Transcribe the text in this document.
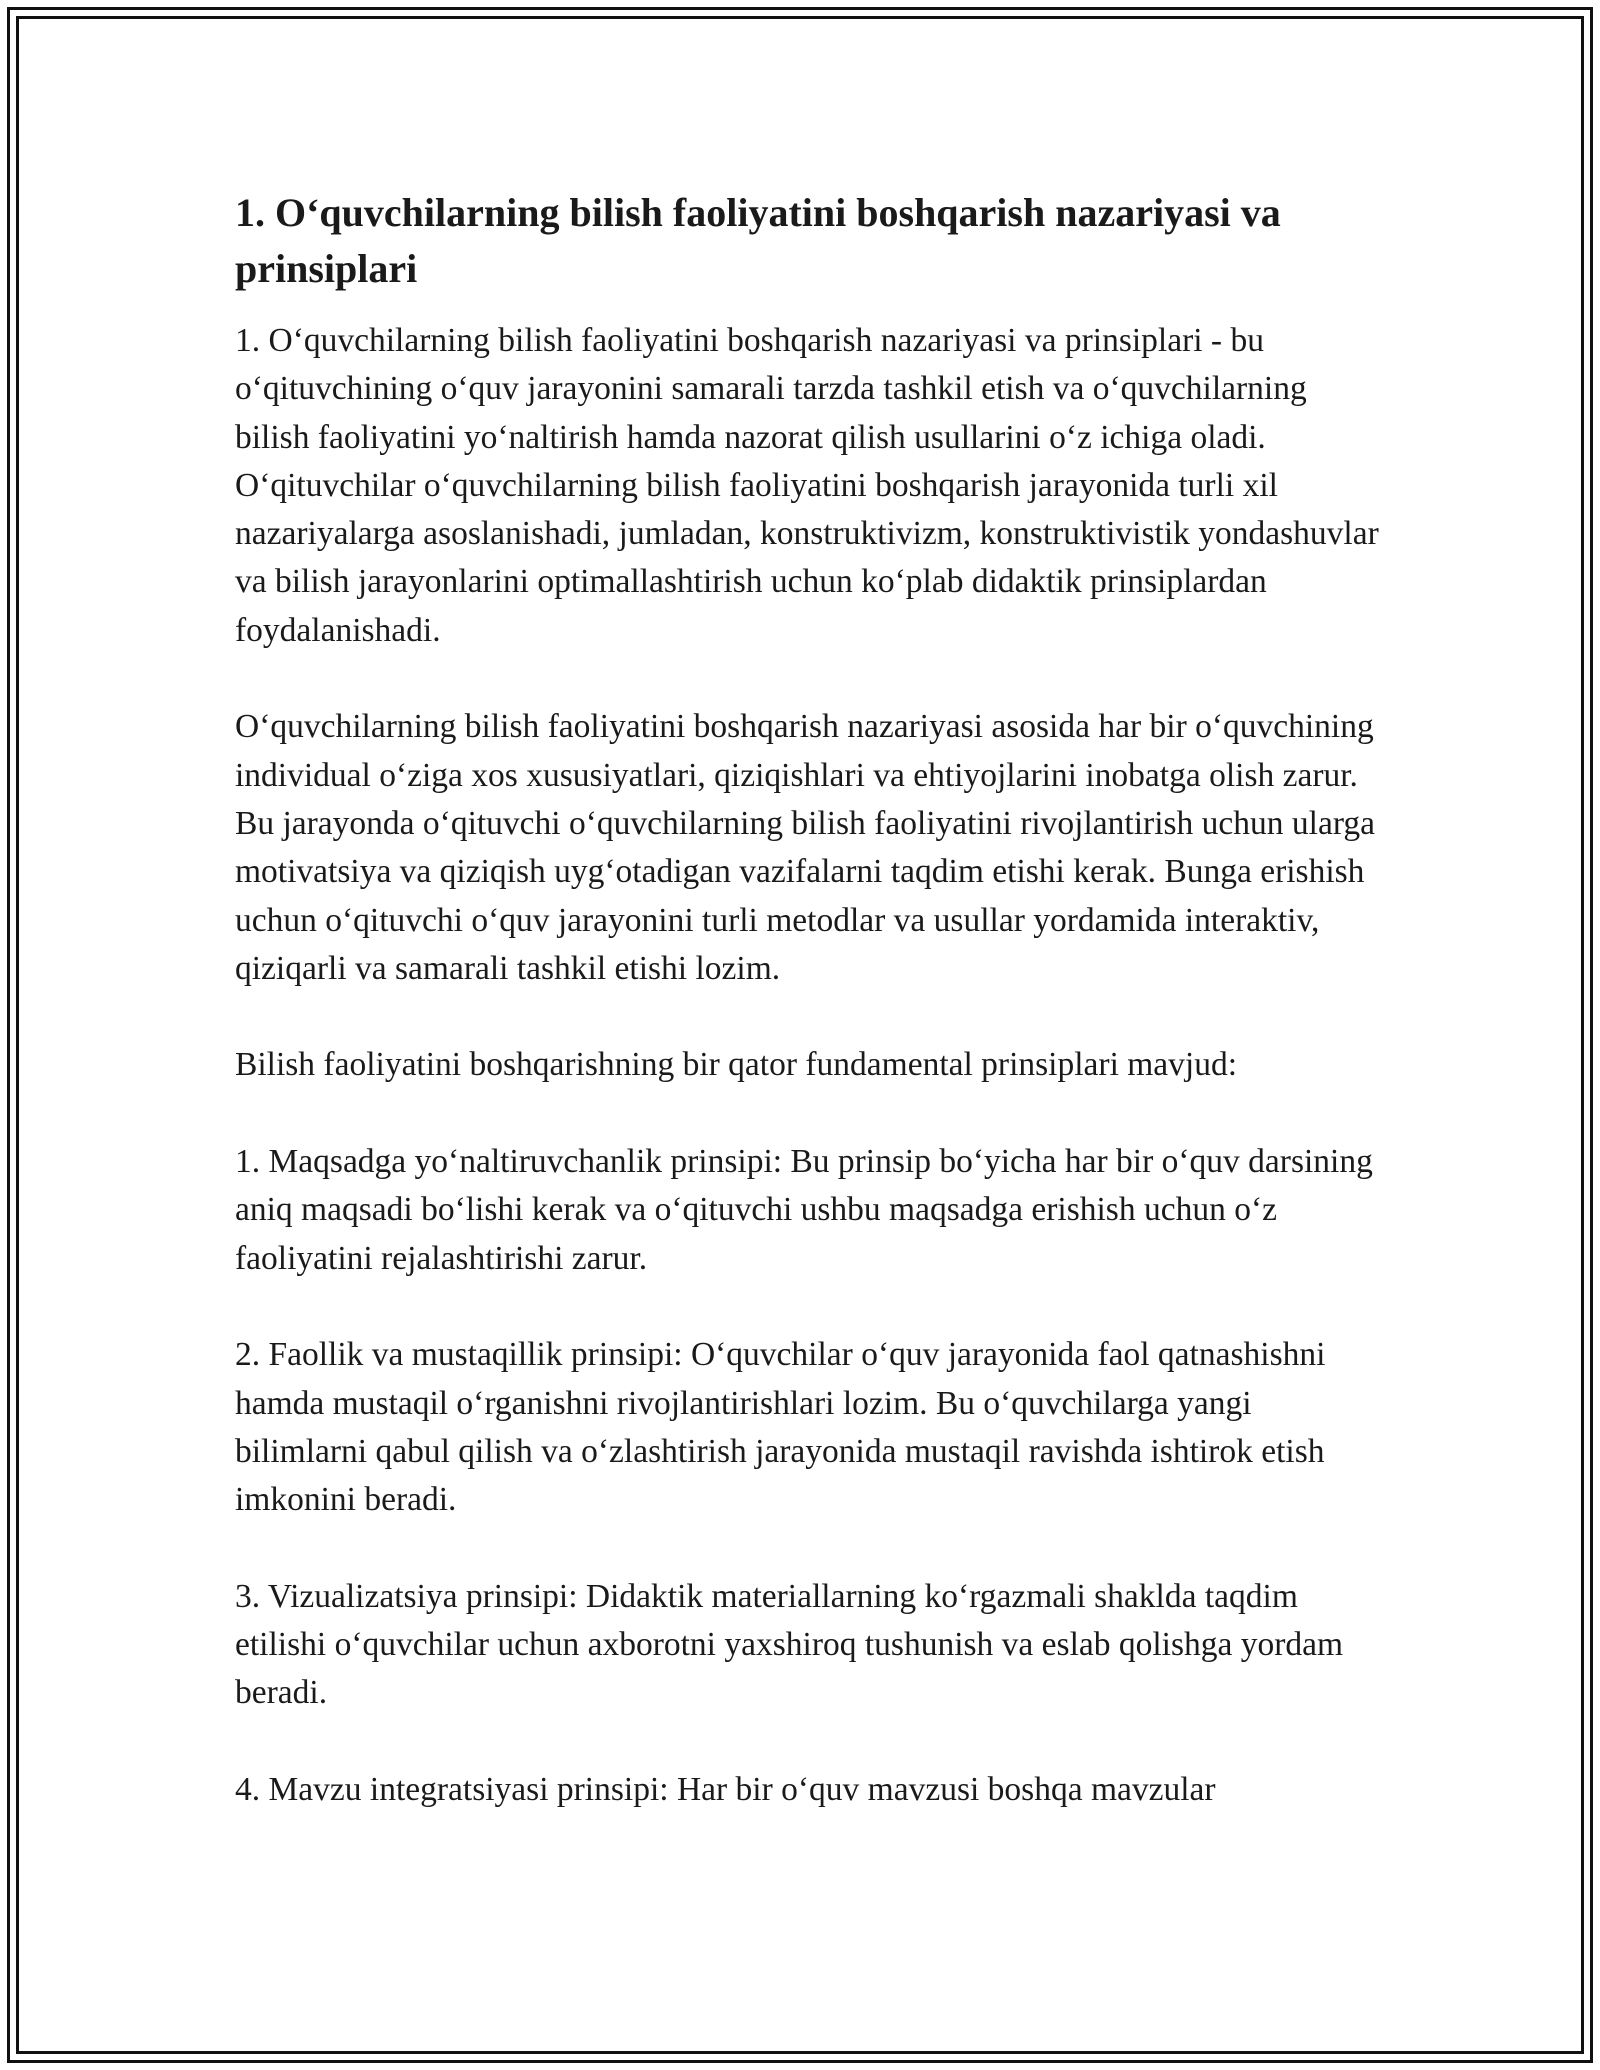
1. O‘quvchilarning bilish faoliyatini boshqarish nazariyasi va prinsiplari

1. O‘quvchilarning bilish faoliyatini boshqarish nazariyasi va prinsiplari - bu o‘qituvchining o‘quv jarayonini samarali tarzda tashkil etish va o‘quvchilarning bilish faoliyatini yo‘naltirish hamda nazorat qilish usullarini o‘z ichiga oladi. O‘qituvchilar o‘quvchilarning bilish faoliyatini boshqarish jarayonida turli xil nazariyalarga asoslanishadi, jumladan, konstruktivizm, konstruktivistik yondashuvlar va bilish jarayonlarini optimallashtirish uchun ko‘plab didaktik prinsiplardan foydalanishadi.

O‘quvchilarning bilish faoliyatini boshqarish nazariyasi asosida har bir o‘quvchining individual o‘ziga xos xususiyatlari, qiziqishlari va ehtiyojlarini inobatga olish zarur. Bu jarayonda o‘qituvchi o‘quvchilarning bilish faoliyatini rivojlantirish uchun ularga motivatsiya va qiziqish uyg‘otadigan vazifalarni taqdim etishi kerak. Bunga erishish uchun o‘qituvchi o‘quv jarayonini turli metodlar va usullar yordamida interaktiv, qiziqarli va samarali tashkil etishi lozim.

Bilish faoliyatini boshqarishning bir qator fundamental prinsiplari mavjud:

1. Maqsadga yo‘naltiruvchanlik prinsipi: Bu prinsip bo‘yicha har bir o‘quv darsining aniq maqsadi bo‘lishi kerak va o‘qituvchi ushbu maqsadga erishish uchun o‘z faoliyatini rejalashtirishi zarur.

2. Faollik va mustaqillik prinsipi: O‘quvchilar o‘quv jarayonida faol qatnashishni hamda mustaqil o‘rganishni rivojlantirishlari lozim. Bu o‘quvchilarga yangi bilimlarni qabul qilish va o‘zlashtirish jarayonida mustaqil ravishda ishtirok etish imkonini beradi.

3. Vizualizatsiya prinsipi: Didaktik materiallarning ko‘rgazmali shaklda taqdim etilishi o‘quvchilar uchun axborotni yaxshiroq tushunish va eslab qolishga yordam beradi.

4. Mavzu integratsiyasi prinsipi: Har bir o‘quv mavzusi boshqa mavzular
